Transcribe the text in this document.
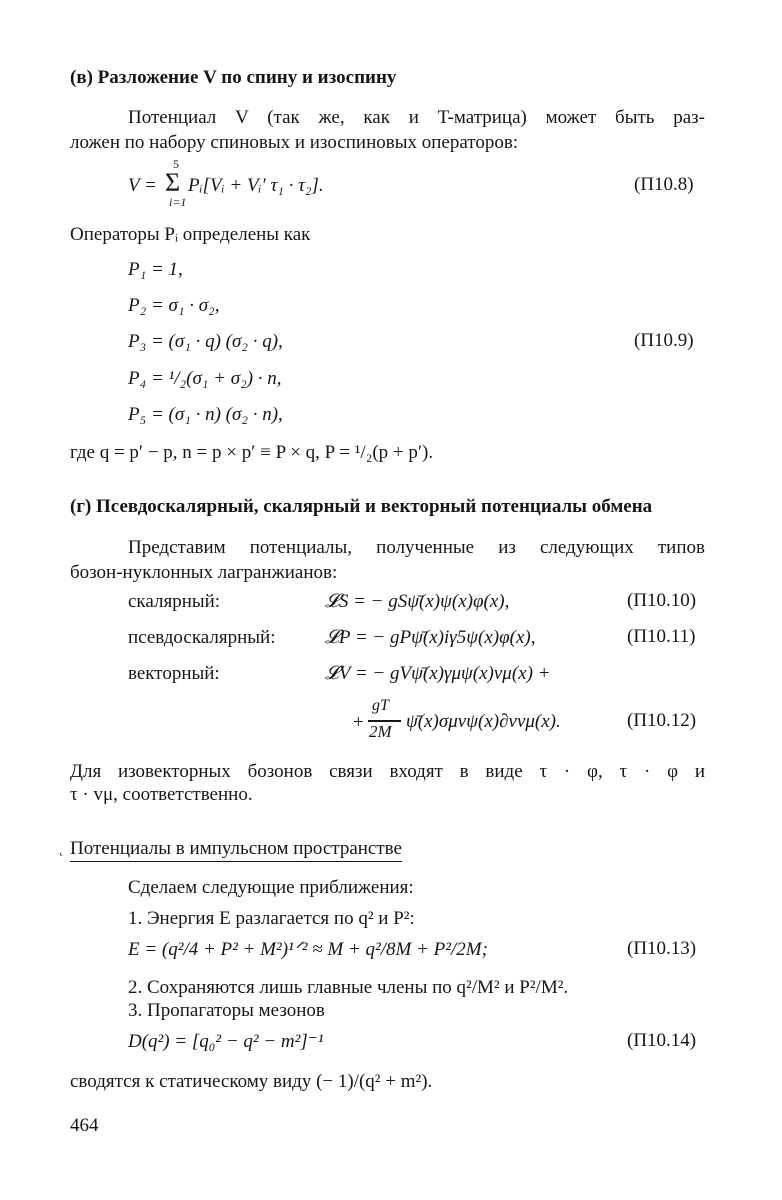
(в) Разложение V по спину и изоспину
Потенциал V (так же, как и T-матрица) может быть раз-
ложен по набору спиновых и изоспиновых операторов:
V =
5
Σ
i=1
Pᵢ[Vᵢ + Vᵢ′ τ₁ · τ₂].	(П10.8)
Операторы Pᵢ определены как
P₁ = 1,
P₂ = σ₁ · σ₂,
P₃ = (σ₁ · q) (σ₂ · q),	(П10.9)
P₄ = ¹/₂(σ₁ + σ₂) · n,
P₅ = (σ₁ · n) (σ₂ · n),
где q = p′ − p, n = p × p′ ≡ P × q, P = ¹/₂(p + p′).
(г) Псевдоскалярный, скалярный и векторный потенциалы обмена
Представим потенциалы, полученные из следующих типов
бозон-нуклонных лагранжианов:
скалярный:	𝓛S = − gSψ̄(x)ψ(x)φ(x),	(П10.10)
псевдоскалярный:	𝓛P = − gPψ̄(x)iγ5ψ(x)φ(x),	(П10.11)
векторный:	𝓛V = − gVψ̄(x)γμψ(x)vμ(x) +
+
gT
2M ψ̄(x)σμνψ(x)∂νvμ(x).	(П10.12)
Для изовекторных бозонов связи входят в виде τ · φ, τ · φ и
τ · vμ, соответственно.
˛ Потенциалы в импульсном пространстве
Сделаем следующие приближения:
1. Энергия E разлагается по q² и P²:
E = (q²/4 + P² + M²)¹ᐟ² ≈ M + q²/8M + P²/2M;	(П10.13)
2. Сохраняются лишь главные члены по q²/M² и P²/M².
3. Пропагаторы мезонов
D(q²) = [q₀² − q² − m²]⁻¹	(П10.14)
сводятся к статическому виду (− 1)/(q² + m²).
464
